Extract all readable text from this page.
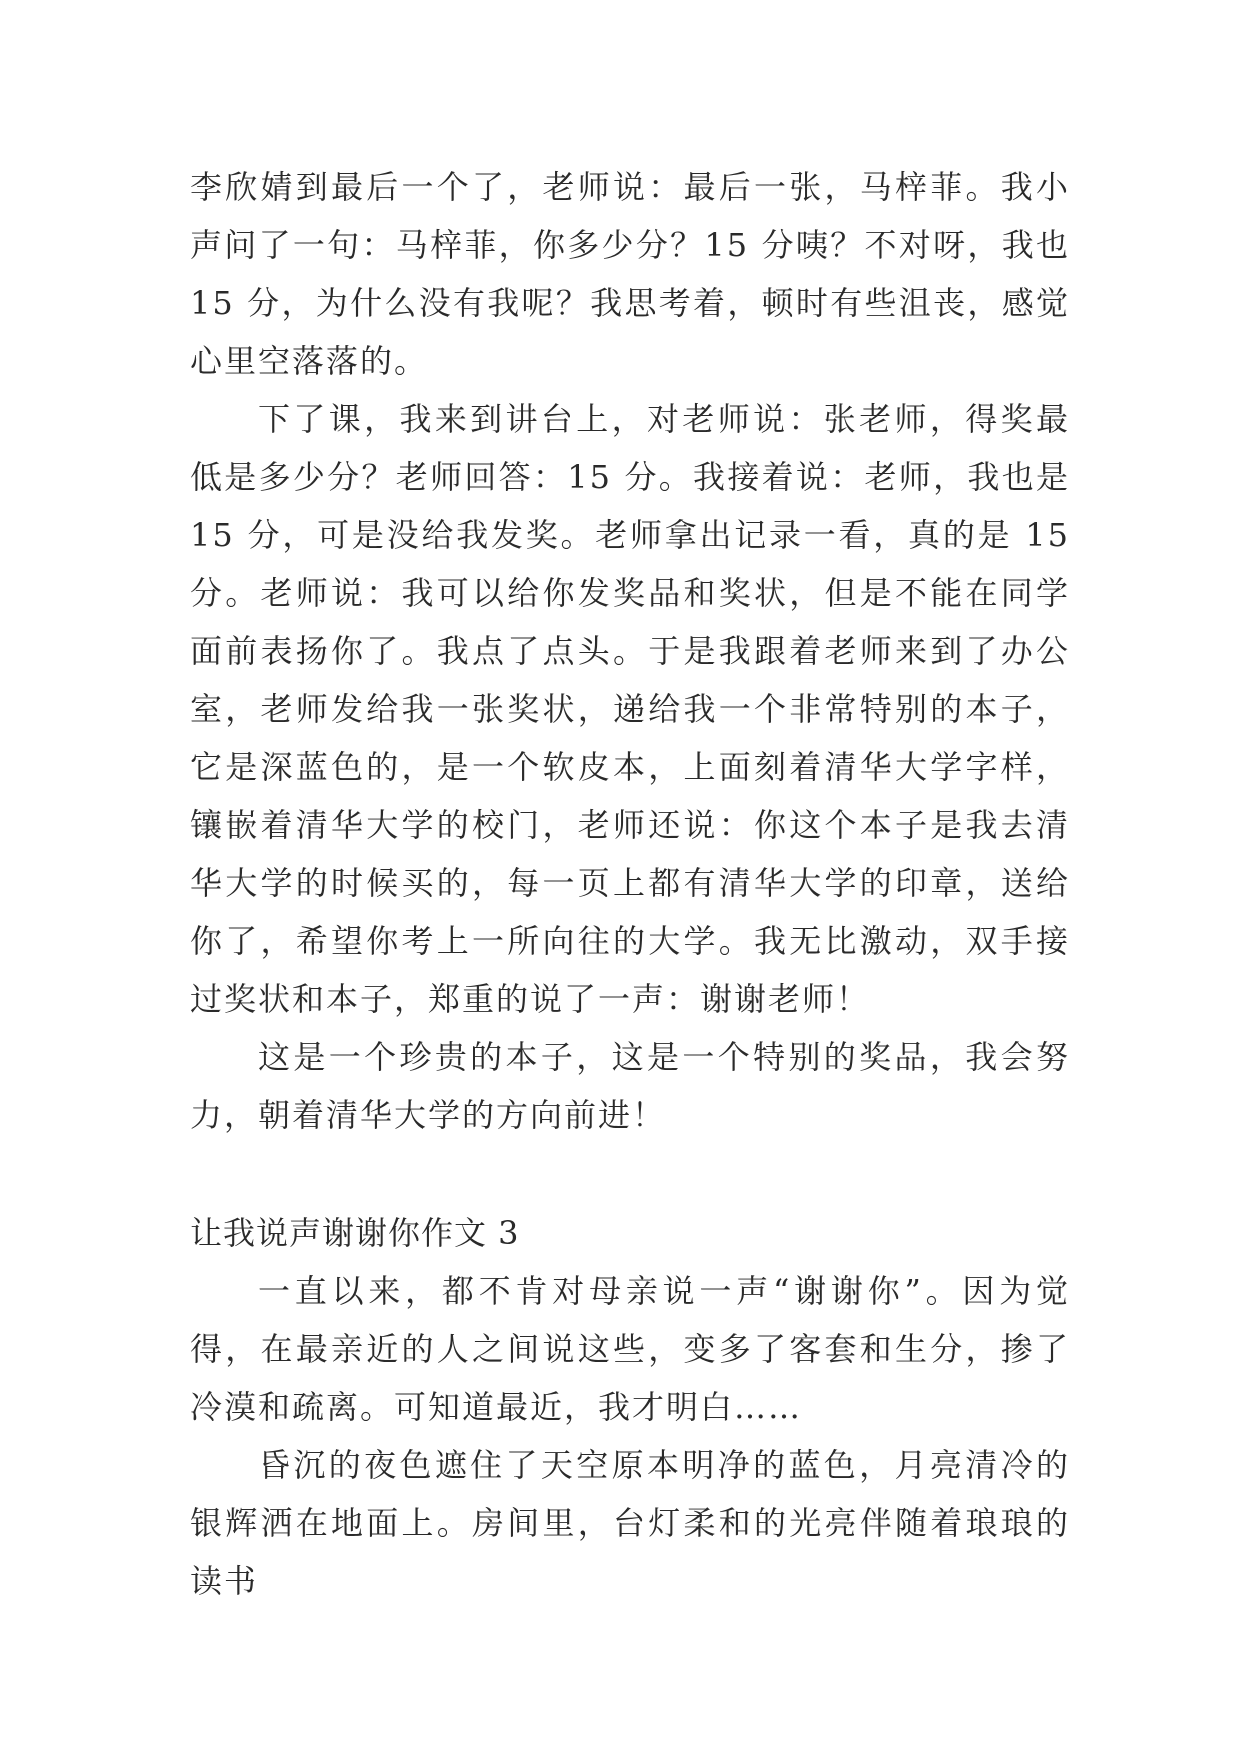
李欣婧到最后一个了，老师说：最后一张，马梓菲。我小声问了一句：马梓菲，你多少分？15 分咦？不对呀，我也 15 分，为什么没有我呢？我思考着，顿时有些沮丧，感觉心里空落落的。

下了课，我来到讲台上，对老师说：张老师，得奖最低是多少分？老师回答：15 分。我接着说：老师，我也是 15 分，可是没给我发奖。老师拿出记录一看，真的是 15 分。老师说：我可以给你发奖品和奖状，但是不能在同学面前表扬你了。我点了点头。于是我跟着老师来到了办公室，老师发给我一张奖状，递给我一个非常特别的本子，它是深蓝色的，是一个软皮本，上面刻着清华大学字样，镶嵌着清华大学的校门，老师还说：你这个本子是我去清华大学的时候买的，每一页上都有清华大学的印章，送给你了，希望你考上一所向往的大学。我无比激动，双手接过奖状和本子，郑重的说了一声：谢谢老师！

这是一个珍贵的本子，这是一个特别的奖品，我会努力，朝着清华大学的方向前进！

让我说声谢谢你作文 3

一直以来，都不肯对母亲说一声“谢谢你”。因为觉得，在最亲近的人之间说这些，变多了客套和生分，掺了冷漠和疏离。可知道最近，我才明白……

昏沉的夜色遮住了天空原本明净的蓝色，月亮清冷的银辉洒在地面上。房间里，台灯柔和的光亮伴随着琅琅的读书
